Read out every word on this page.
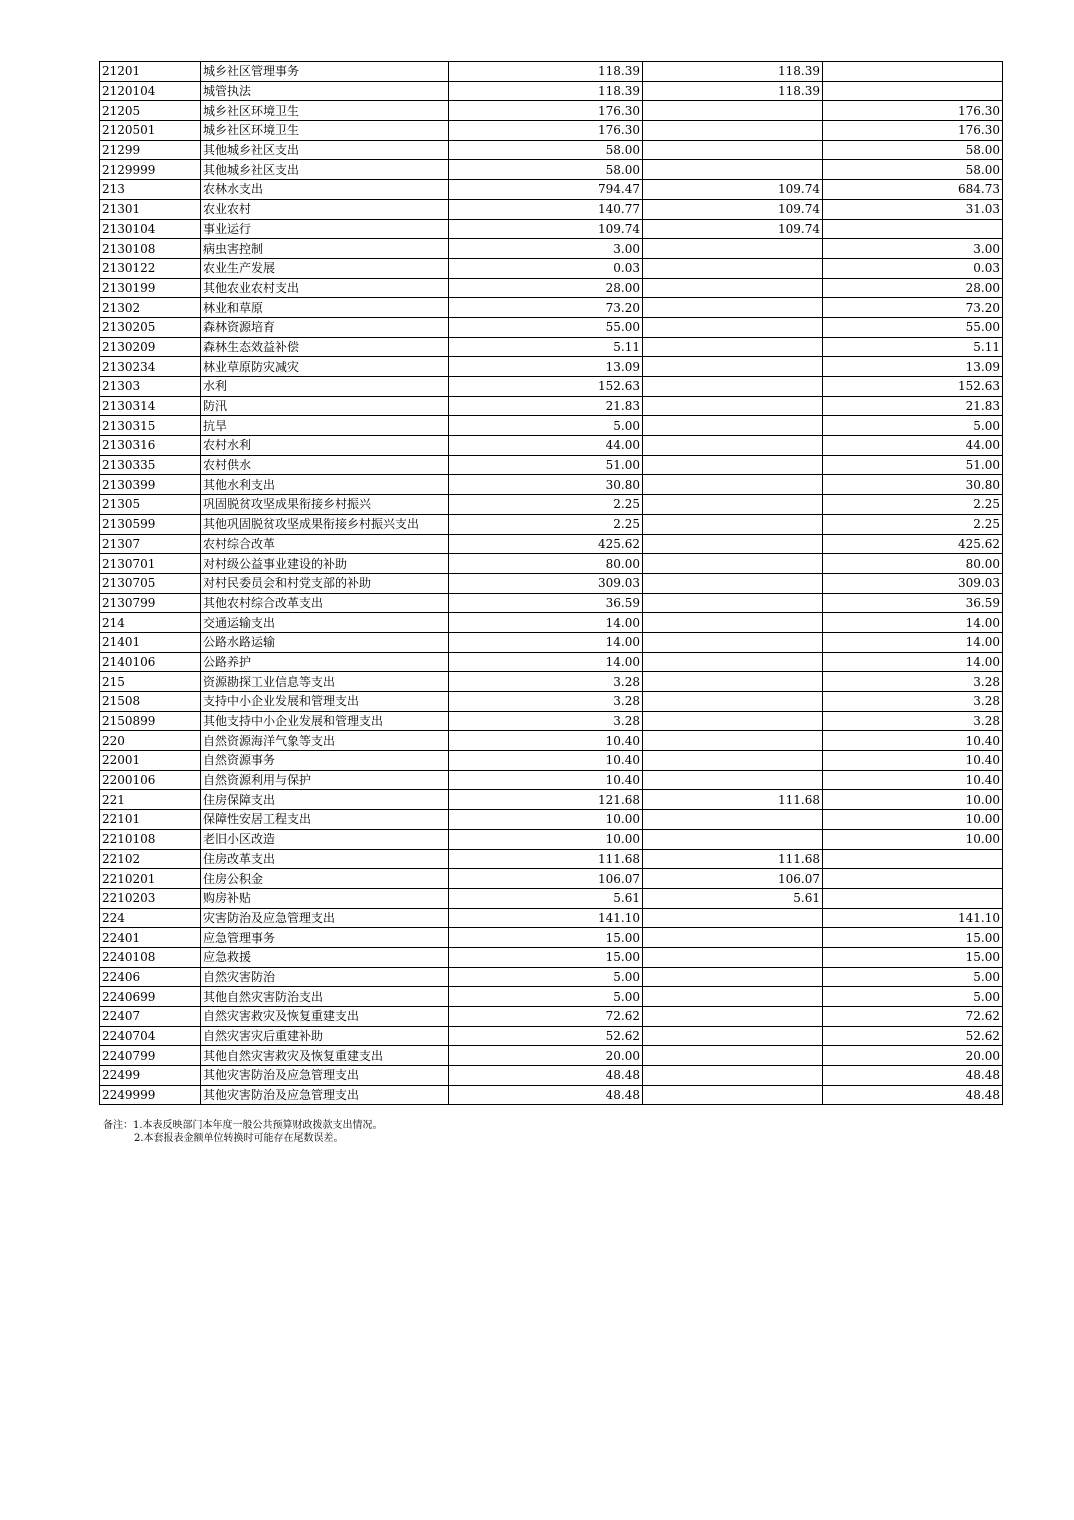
21201	城乡社区管理事务	118.39	118.39	
2120104	城管执法	118.39	118.39	
21205	城乡社区环境卫生	176.30		176.30
2120501	城乡社区环境卫生	176.30		176.30
21299	其他城乡社区支出	58.00		58.00
2129999	其他城乡社区支出	58.00		58.00
213	农林水支出	794.47	109.74	684.73
21301	农业农村	140.77	109.74	31.03
2130104	事业运行	109.74	109.74	
2130108	病虫害控制	3.00		3.00
2130122	农业生产发展	0.03		0.03
2130199	其他农业农村支出	28.00		28.00
21302	林业和草原	73.20		73.20
2130205	森林资源培育	55.00		55.00
2130209	森林生态效益补偿	5.11		5.11
2130234	林业草原防灾减灾	13.09		13.09
21303	水利	152.63		152.63
2130314	防汛	21.83		21.83
2130315	抗旱	5.00		5.00
2130316	农村水利	44.00		44.00
2130335	农村供水	51.00		51.00
2130399	其他水利支出	30.80		30.80
21305	巩固脱贫攻坚成果衔接乡村振兴	2.25		2.25
2130599	其他巩固脱贫攻坚成果衔接乡村振兴支出	2.25		2.25
21307	农村综合改革	425.62		425.62
2130701	对村级公益事业建设的补助	80.00		80.00
2130705	对村民委员会和村党支部的补助	309.03		309.03
2130799	其他农村综合改革支出	36.59		36.59
214	交通运输支出	14.00		14.00
21401	公路水路运输	14.00		14.00
2140106	公路养护	14.00		14.00
215	资源勘探工业信息等支出	3.28		3.28
21508	支持中小企业发展和管理支出	3.28		3.28
2150899	其他支持中小企业发展和管理支出	3.28		3.28
220	自然资源海洋气象等支出	10.40		10.40
22001	自然资源事务	10.40		10.40
2200106	自然资源利用与保护	10.40		10.40
221	住房保障支出	121.68	111.68	10.00
22101	保障性安居工程支出	10.00		10.00
2210108	老旧小区改造	10.00		10.00
22102	住房改革支出	111.68	111.68	
2210201	住房公积金	106.07	106.07	
2210203	购房补贴	5.61	5.61	
224	灾害防治及应急管理支出	141.10		141.10
22401	应急管理事务	15.00		15.00
2240108	应急救援	15.00		15.00
22406	自然灾害防治	5.00		5.00
2240699	其他自然灾害防治支出	5.00		5.00
22407	自然灾害救灾及恢复重建支出	72.62		72.62
2240704	自然灾害灾后重建补助	52.62		52.62
2240799	其他自然灾害救灾及恢复重建支出	20.00		20.00
22499	其他灾害防治及应急管理支出	48.48		48.48
2249999	其他灾害防治及应急管理支出	48.48		48.48
备注：1.本表反映部门本年度一般公共预算财政拨款支出情况。
2.本套报表金额单位转换时可能存在尾数误差。
